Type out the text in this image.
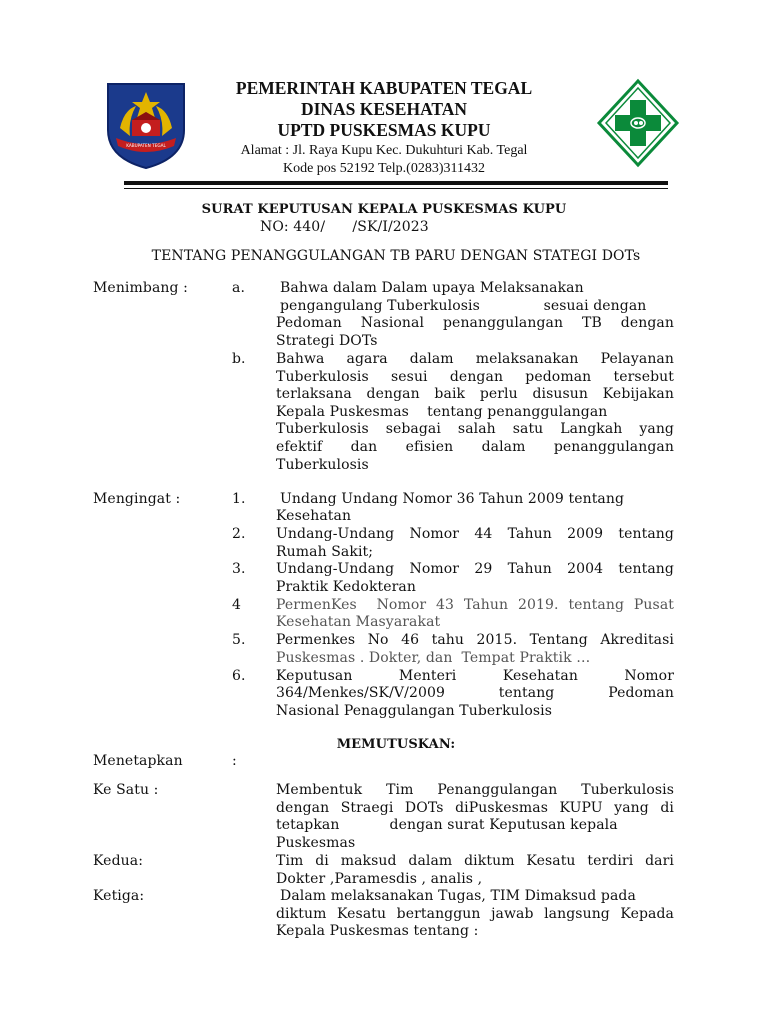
KABUPATEN TEGAL
PEMERINTAH KABUPATEN TEGAL
DINAS KESEHATAN
UPTD PUSKESMAS KUPU
Alamat : Jl. Raya Kupu Kec. Dukuhturi Kab. Tegal
Kode pos 52192 Telp.(0283)311432
SURAT KEPUTUSAN KEPALA PUSKESMAS KUPU
NO: 440/      /SK/I/2023
TENTANG PENANGGULANGAN TB PARU DENGAN STATEGI DOTs
Menimbang :	a.	Bahwa dalam Dalam upaya Melaksanakan
pengangulang Tuberkulosis              sesuai dengan
Pedoman Nasional penanggulangan TB dengan
Strategi DOTs
b. Bahwa agara dalam melaksanakan Pelayanan
Tuberkulosis sesui dengan pedoman tersebut
terlaksana dengan baik perlu disusun Kebijakan
Kepala Puskesmas    tentang penanggulangan
Tuberkulosis sebagai salah satu Langkah yang
efektif dan efisien dalam penanggulangan
Tuberkulosis
Mengingat :	1. Undang Undang Nomor 36 Tahun 2009 tentang
Kesehatan
2. Undang-Undang Nomor 44 Tahun 2009 tentang
Rumah Sakit;
3. Undang-Undang Nomor 29 Tahun 2004 tentang
Praktik Kedokteran
4 PermenKes  Nomor 43 Tahun 2019. tentang Pusat
Kesehatan Masyarakat
5. Permenkes No 46 tahu 2015. Tentang Akreditasi
Puskesmas . Dokter, dan  Tempat Praktik …
6. Keputusan Menteri Kesehatan Nomor
364/Menkes/SK/V/2009 tentang Pedoman
Nasional Penaggulangan Tuberkulosis
MEMUTUSKAN:
Menetapkan	:
Ke Satu :	Membentuk Tim Penanggulangan Tuberkulosis
dengan Straegi DOTs diPuskesmas KUPU yang di
tetapkan           dengan surat Keputusan kepala
Puskesmas
Kedua:	Tim di maksud dalam diktum Kesatu terdiri dari
Dokter ,Paramesdis , analis ,
Ketiga:	Dalam melaksanakan Tugas, TIM Dimaksud pada
diktum Kesatu bertanggun jawab langsung Kepada
Kepala Puskesmas tentang :
